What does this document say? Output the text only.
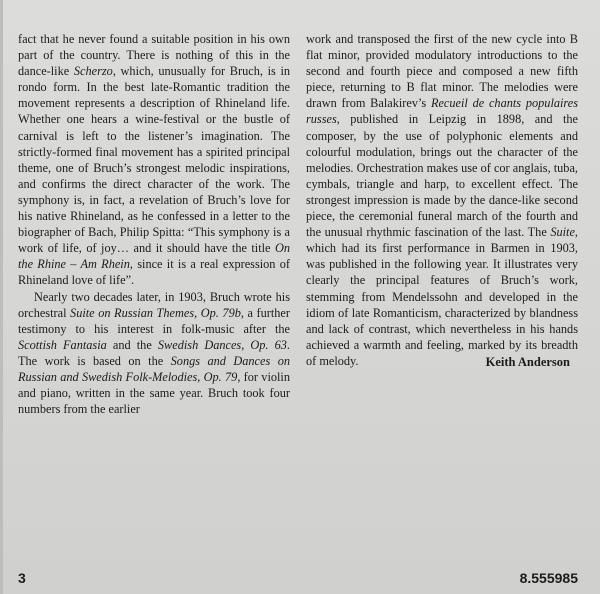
fact that he never found a suitable position in his own part of the country. There is nothing of this in the dance-like Scherzo, which, unusually for Bruch, is in rondo form. In the best late-Romantic tradition the movement represents a description of Rhineland life. Whether one hears a wine-festival or the bustle of carnival is left to the listener’s imagination. The strictly-formed final movement has a spirited principal theme, one of Bruch’s strongest melodic inspirations, and confirms the direct character of the work. The symphony is, in fact, a revelation of Bruch’s love for his native Rhineland, as he confessed in a letter to the biographer of Bach, Philip Spitta: “This symphony is a work of life, of joy… and it should have the title On the Rhine – Am Rhein, since it is a real expression of Rhineland love of life”.

Nearly two decades later, in 1903, Bruch wrote his orchestral Suite on Russian Themes, Op. 79b, a further testimony to his interest in folk-music after the Scottish Fantasia and the Swedish Dances, Op. 63. The work is based on the Songs and Dances on Russian and Swedish Folk-Melodies, Op. 79, for violin and piano, written in the same year. Bruch took four numbers from the earlier

work and transposed the first of the new cycle into B flat minor, provided modulatory introductions to the second and fourth piece and composed a new fifth piece, returning to B flat minor. The melodies were drawn from Balakirev’s Recueil de chants populaires russes, published in Leipzig in 1898, and the composer, by the use of polyphonic elements and colourful modulation, brings out the character of the melodies. Orchestration makes use of cor anglais, tuba, cymbals, triangle and harp, to excellent effect. The strongest impression is made by the dance-like second piece, the ceremonial funeral march of the fourth and the unusual rhythmic fascination of the last. The Suite, which had its first performance in Barmen in 1903, was published in the following year. It illustrates very clearly the principal features of Bruch’s work, stemming from Mendelssohn and developed in the idiom of late Romanticism, characterized by blandness and lack of contrast, which nevertheless in his hands achieved a warmth and feeling, marked by its breadth of melody.	Keith Anderson
3	8.555985
